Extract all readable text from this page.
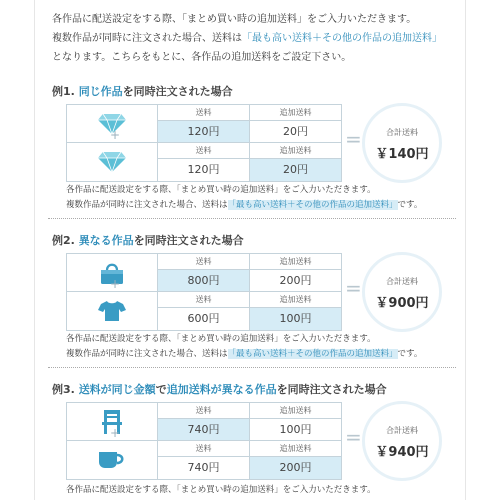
各作品に配送設定をする際、「まとめ買い時の追加送料」をご入力いただきます。
複数作品が同時に注文された場合、送料は「最も高い送料＋その他の作品の追加送料」
となります。こちらをもとに、各作品の追加送料をご設定下さい。
例1. 同じ作品を同時注文された場合
送料
120円
追加送料
20円
+
送料
120円
追加送料
20円
=	合計送料
￥140円
各作品に配送設定をする際、「まとめ買い時の追加送料」をご入力いただきます。
複数作品が同時に注文された場合、送料は「最も高い送料＋その他の作品の追加送料」です。
例2. 異なる作品を同時注文された場合
送料
800円
追加送料
200円
+
送料
600円
追加送料
100円
=	合計送料
￥900円
各作品に配送設定をする際、「まとめ買い時の追加送料」をご入力いただきます。
複数作品が同時に注文された場合、送料は「最も高い送料＋その他の作品の追加送料」です。
例3. 送料が同じ金額で追加送料が異なる作品を同時注文された場合
送料
740円
追加送料
100円
+
送料
740円
追加送料
200円
=	合計送料
￥940円
各作品に配送設定をする際、「まとめ買い時の追加送料」をご入力いただきます。
